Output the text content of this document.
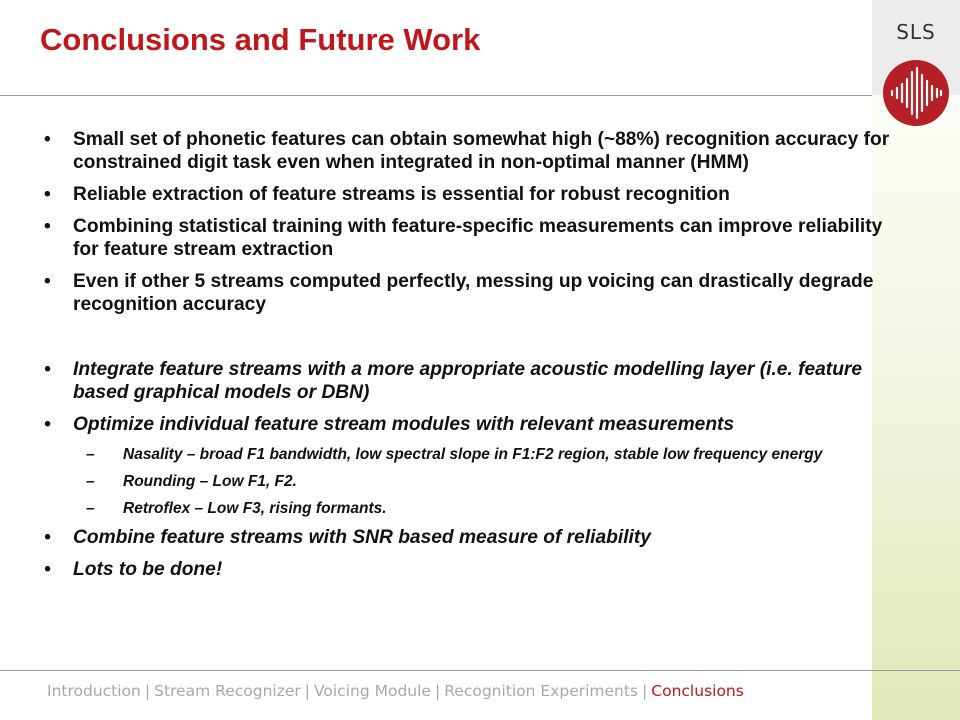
SLS
Conclusions and Future Work
• Small set of phonetic features can obtain somewhat high (~88%) recognition accuracy for constrained digit task even when integrated in non-optimal manner (HMM)
• Reliable extraction of feature streams is essential for robust recognition
• Combining statistical training with feature-specific measurements can improve reliability for feature stream extraction
• Even if other 5 streams computed perfectly, messing up voicing can drastically degrade recognition accuracy
• Integrate feature streams with a more appropriate acoustic modelling layer (i.e. feature based graphical models or DBN)
• Optimize individual feature stream modules with relevant measurements
– Nasality – broad F1 bandwidth, low spectral slope in F1:F2 region, stable low frequency energy
– Rounding – Low F1, F2.
– Retroflex – Low F3, rising formants.
• Combine feature streams with SNR based measure of reliability
• Lots to be done!
Introduction | Stream Recognizer | Voicing Module | Recognition Experiments | Conclusions
